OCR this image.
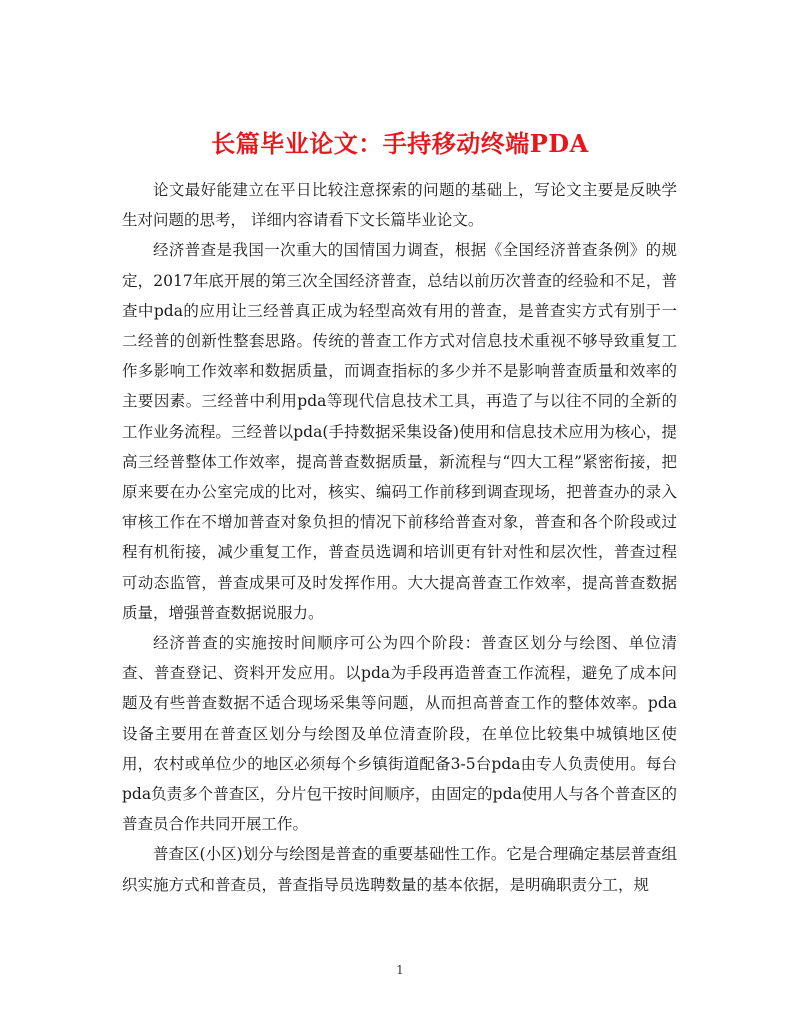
长篇毕业论文：手持移动终端PDA

论文最好能建立在平日比较注意探索的问题的基础上，写论文主要是反映学生对问题的思考， 详细内容请看下文长篇毕业论文。

经济普查是我国一次重大的国情国力调查，根据《全国经济普查条例》的规定，2017年底开展的第三次全国经济普查，总结以前历次普查的经验和不足，普查中pda的应用让三经普真正成为轻型高效有用的普查，是普查实方式有别于一二经普的创新性整套思路。传统的普查工作方式对信息技术重视不够导致重复工作多影响工作效率和数据质量，而调查指标的多少并不是影响普查质量和效率的主要因素。三经普中利用pda等现代信息技术工具，再造了与以往不同的全新的工作业务流程。三经普以pda(手持数据采集设备)使用和信息技术应用为核心，提高三经普整体工作效率，提高普查数据质量，新流程与“四大工程”紧密衔接，把原来要在办公室完成的比对，核实、编码工作前移到调查现场，把普查办的录入审核工作在不增加普查对象负担的情况下前移给普查对象，普查和各个阶段或过程有机衔接，减少重复工作，普查员选调和培训更有针对性和层次性，普查过程可动态监管，普查成果可及时发挥作用。大大提高普查工作效率，提高普查数据质量，增强普查数据说服力。

经济普查的实施按时间顺序可公为四个阶段：普查区划分与绘图、单位清查、普查登记、资料开发应用。以pda为手段再造普查工作流程，避免了成本问题及有些普查数据不适合现场采集等问题，从而担高普查工作的整体效率。pda设备主要用在普查区划分与绘图及单位清查阶段，在单位比较集中城镇地区使用，农村或单位少的地区必须每个乡镇街道配备3-5台pda由专人负责使用。每台pda负责多个普查区，分片包干按时间顺序，由固定的pda使用人与各个普查区的普查员合作共同开展工作。

普查区(小区)划分与绘图是普查的重要基础性工作。它是合理确定基层普查组织实施方式和普查员，普查指导员选聘数量的基本依据，是明确职责分工，规

1
